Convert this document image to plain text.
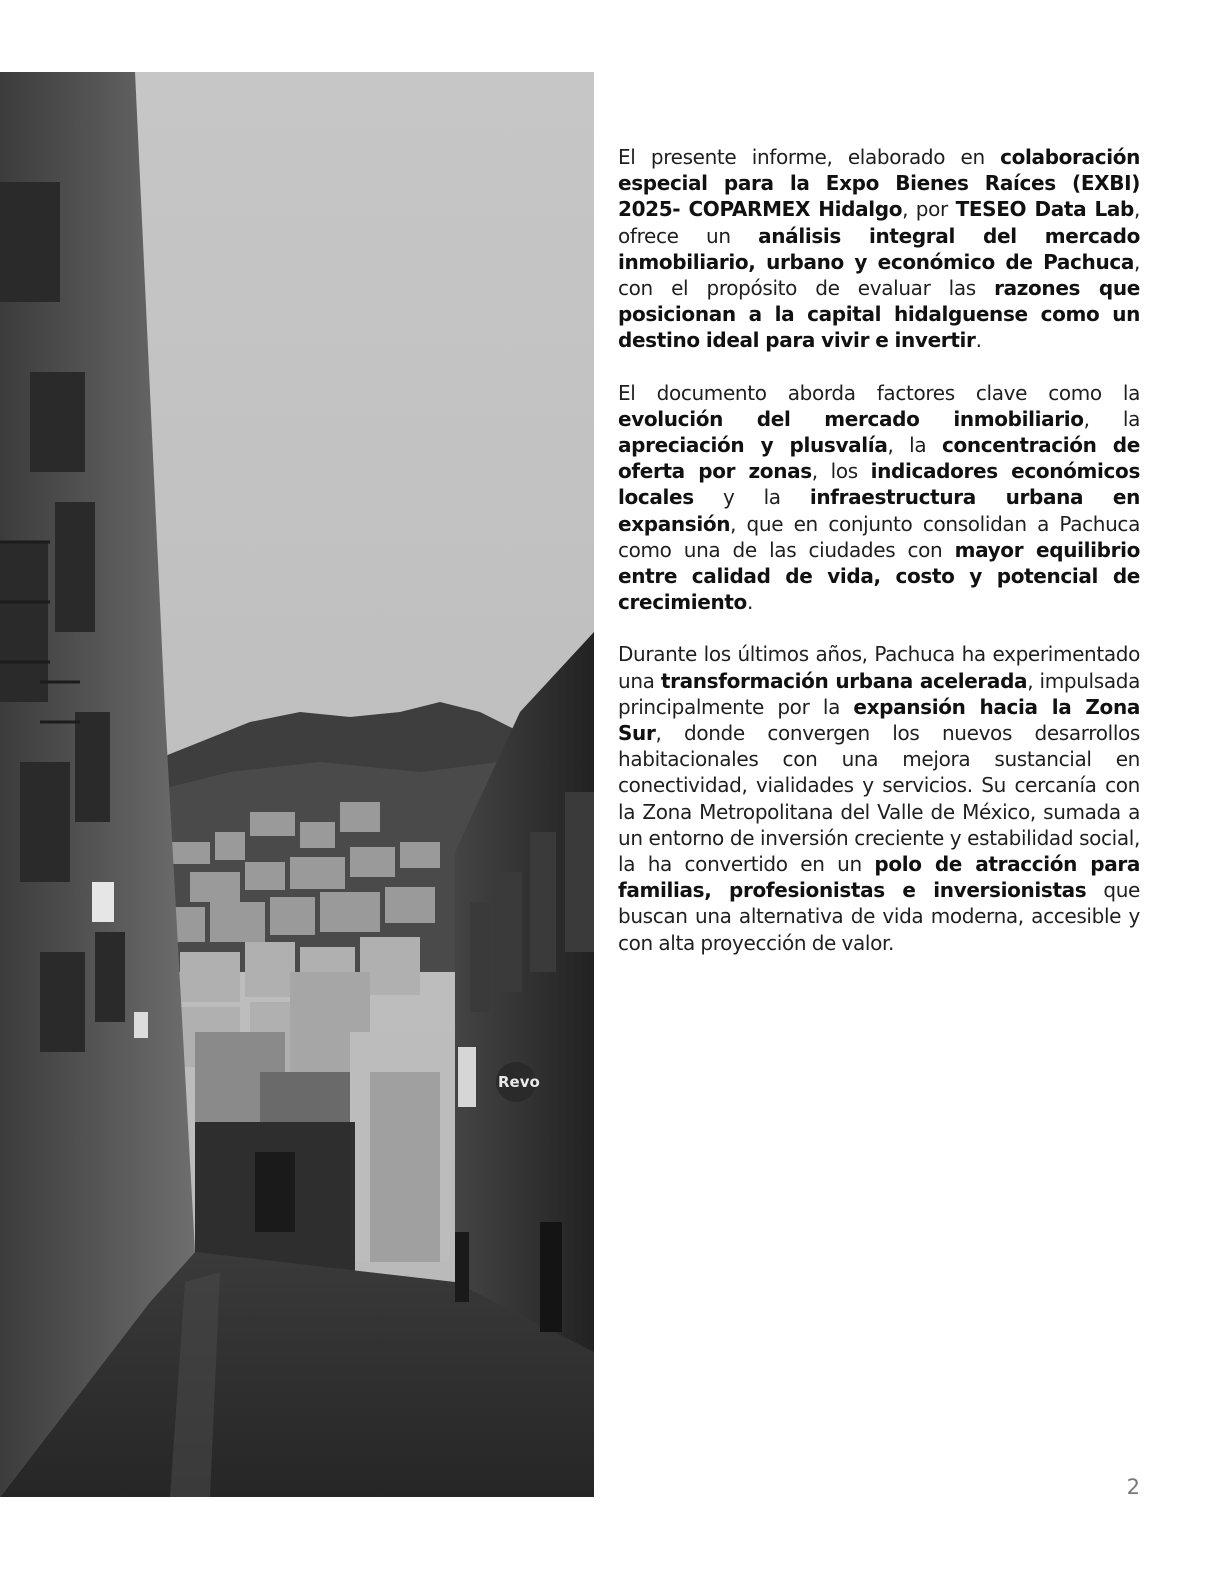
Revo

El presente informe, elaborado en colaboración especial para la Expo Bienes Raíces (EXBI) 2025- COPARMEX Hidalgo, por TESEO Data Lab, ofrece un análisis integral del mercado inmobiliario, urbano y económico de Pachuca, con el propósito de evaluar las razones que posicionan a la capital hidalguense como un destino ideal para vivir e invertir.

El documento aborda factores clave como la evolución del mercado inmobiliario, la apreciación y plusvalía, la concentración de oferta por zonas, los indicadores económicos locales y la infraestructura urbana en expansión, que en conjunto consolidan a Pachuca como una de las ciudades con mayor equilibrio entre calidad de vida, costo y potencial de crecimiento.

Durante los últimos años, Pachuca ha experimentado una transformación urbana acelerada, impulsada principalmente por la expansión hacia la Zona Sur, donde convergen los nuevos desarrollos habitacionales con una mejora sustancial en conectividad, vialidades y servicios. Su cercanía con la Zona Metropolitana del Valle de México, sumada a un entorno de inversión creciente y estabilidad social, la ha convertido en un polo de atracción para familias, profesionistas e inversionistas que buscan una alternativa de vida moderna, accesible y con alta proyección de valor.

2
